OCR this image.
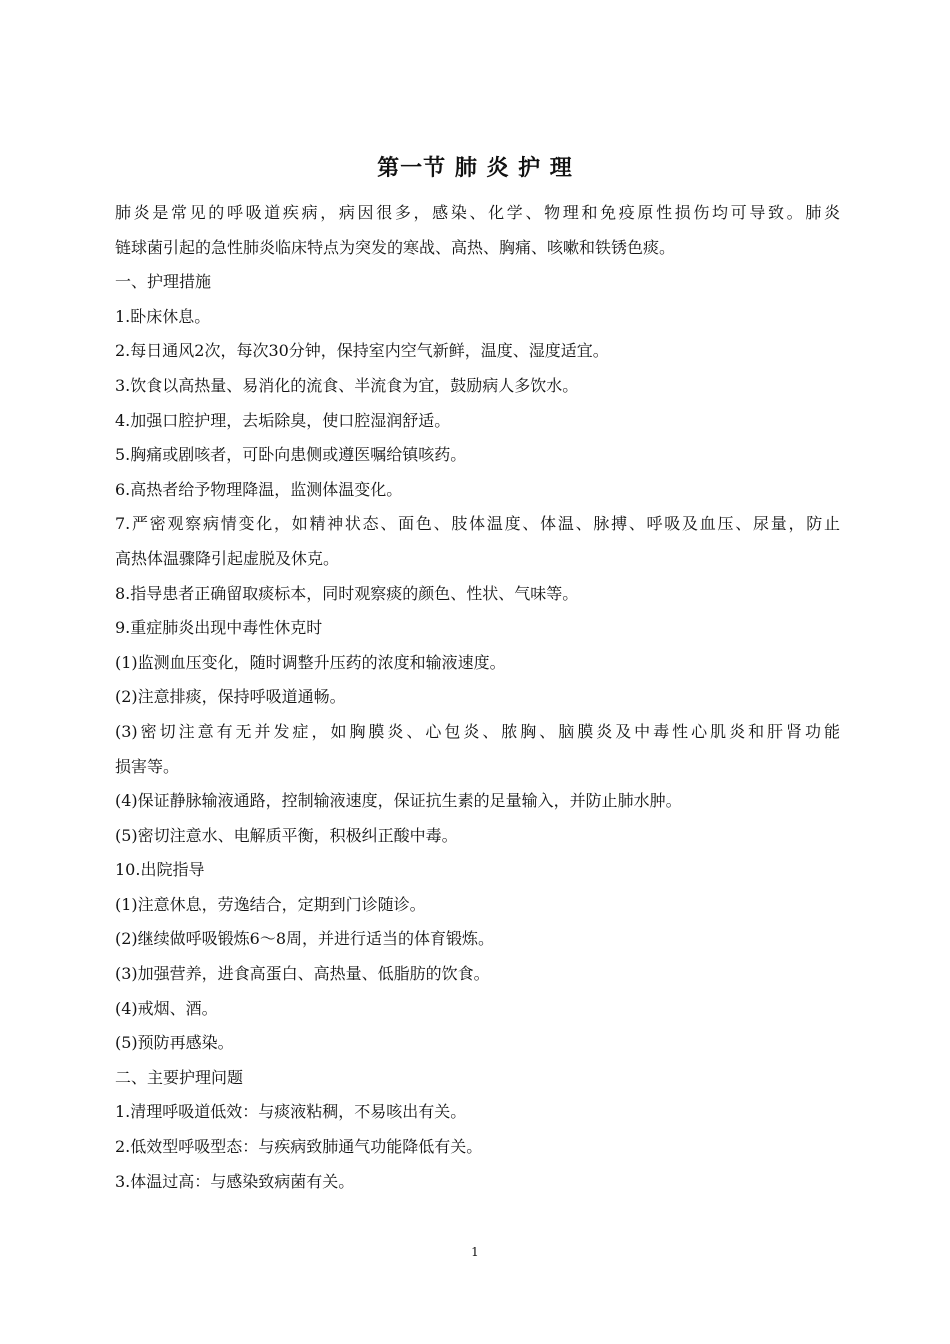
第一节 肺 炎 护 理
肺炎是常见的呼吸道疾病，病因很多，感染、化学、物理和免疫原性损伤均可导致。肺炎
链球菌引起的急性肺炎临床特点为突发的寒战、高热、胸痛、咳嗽和铁锈色痰。
一、护理措施
1.卧床休息。
2.每日通风2次，每次30分钟，保持室内空气新鲜，温度、湿度适宜。
3.饮食以高热量、易消化的流食、半流食为宜，鼓励病人多饮水。
4.加强口腔护理，去垢除臭，使口腔湿润舒适。
5.胸痛或剧咳者，可卧向患侧或遵医嘱给镇咳药。
6.高热者给予物理降温，监测体温变化。
7.严密观察病情变化，如精神状态、面色、肢体温度、体温、脉搏、呼吸及血压、尿量，防止
高热体温骤降引起虚脱及休克。
8.指导患者正确留取痰标本，同时观察痰的颜色、性状、气味等。
9.重症肺炎出现中毒性休克时
(1)监测血压变化，随时调整升压药的浓度和输液速度。
(2)注意排痰，保持呼吸道通畅。
(3)密切注意有无并发症，如胸膜炎、心包炎、脓胸、脑膜炎及中毒性心肌炎和肝肾功能
损害等。
(4)保证静脉输液通路，控制输液速度，保证抗生素的足量输入，并防止肺水肿。
(5)密切注意水、电解质平衡，积极纠正酸中毒。
10.出院指导
(1)注意休息，劳逸结合，定期到门诊随诊。
(2)继续做呼吸锻炼6～8周，并进行适当的体育锻炼。
(3)加强营养，进食高蛋白、高热量、低脂肪的饮食。
(4)戒烟、酒。
(5)预防再感染。
二、主要护理问题
1.清理呼吸道低效：与痰液粘稠，不易咳出有关。
2.低效型呼吸型态：与疾病致肺通气功能降低有关。
3.体温过高：与感染致病菌有关。
1
